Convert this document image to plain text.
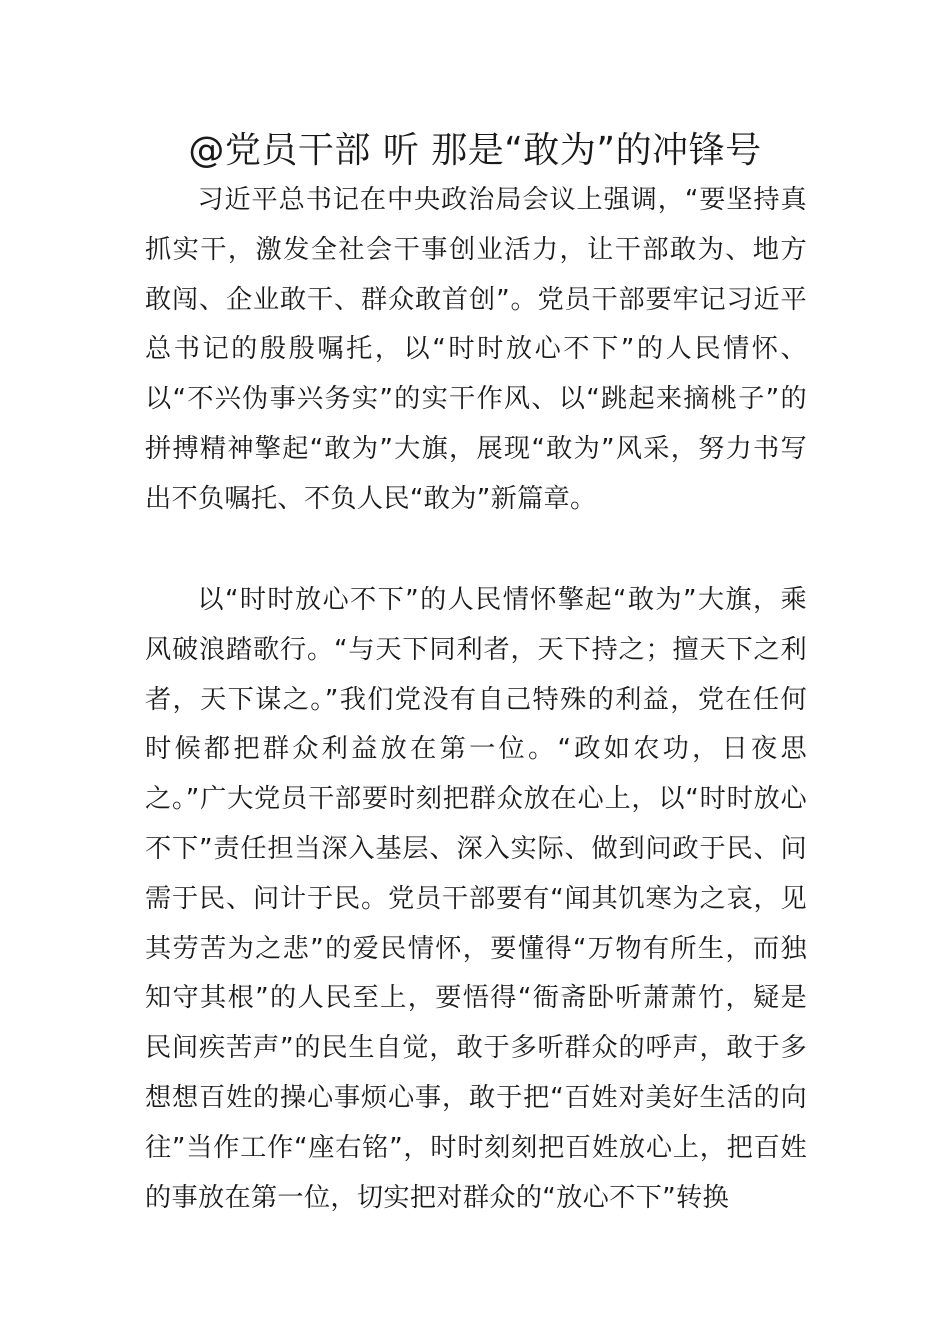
@党员干部 听 那是“敢为”的冲锋号

习近平总书记在中央政治局会议上强调，“要坚持真抓实干，激发全社会干事创业活力，让干部敢为、地方敢闯、企业敢干、群众敢首创”。党员干部要牢记习近平总书记的殷殷嘱托，以“时时放心不下”的人民情怀、以“不兴伪事兴务实”的实干作风、以“跳起来摘桃子”的拼搏精神擎起“敢为”大旗，展现“敢为”风采，努力书写出不负嘱托、不负人民“敢为”新篇章。

以“时时放心不下”的人民情怀擎起“敢为”大旗，乘风破浪踏歌行。“与天下同利者，天下持之；擅天下之利者，天下谋之。”我们党没有自己特殊的利益，党在任何时候都把群众利益放在第一位。“政如农功，日夜思之。”广大党员干部要时刻把群众放在心上，以“时时放心不下”责任担当深入基层、深入实际、做到问政于民、问需于民、问计于民。党员干部要有“闻其饥寒为之哀，见其劳苦为之悲”的爱民情怀，要懂得“万物有所生，而独知守其根”的人民至上，要悟得“衙斋卧听萧萧竹，疑是民间疾苦声”的民生自觉，敢于多听群众的呼声，敢于多想想百姓的操心事烦心事，敢于把“百姓对美好生活的向往”当作工作“座右铭”，时时刻刻把百姓放心上，把百姓的事放在第一位，切实把对群众的“放心不下”转换
